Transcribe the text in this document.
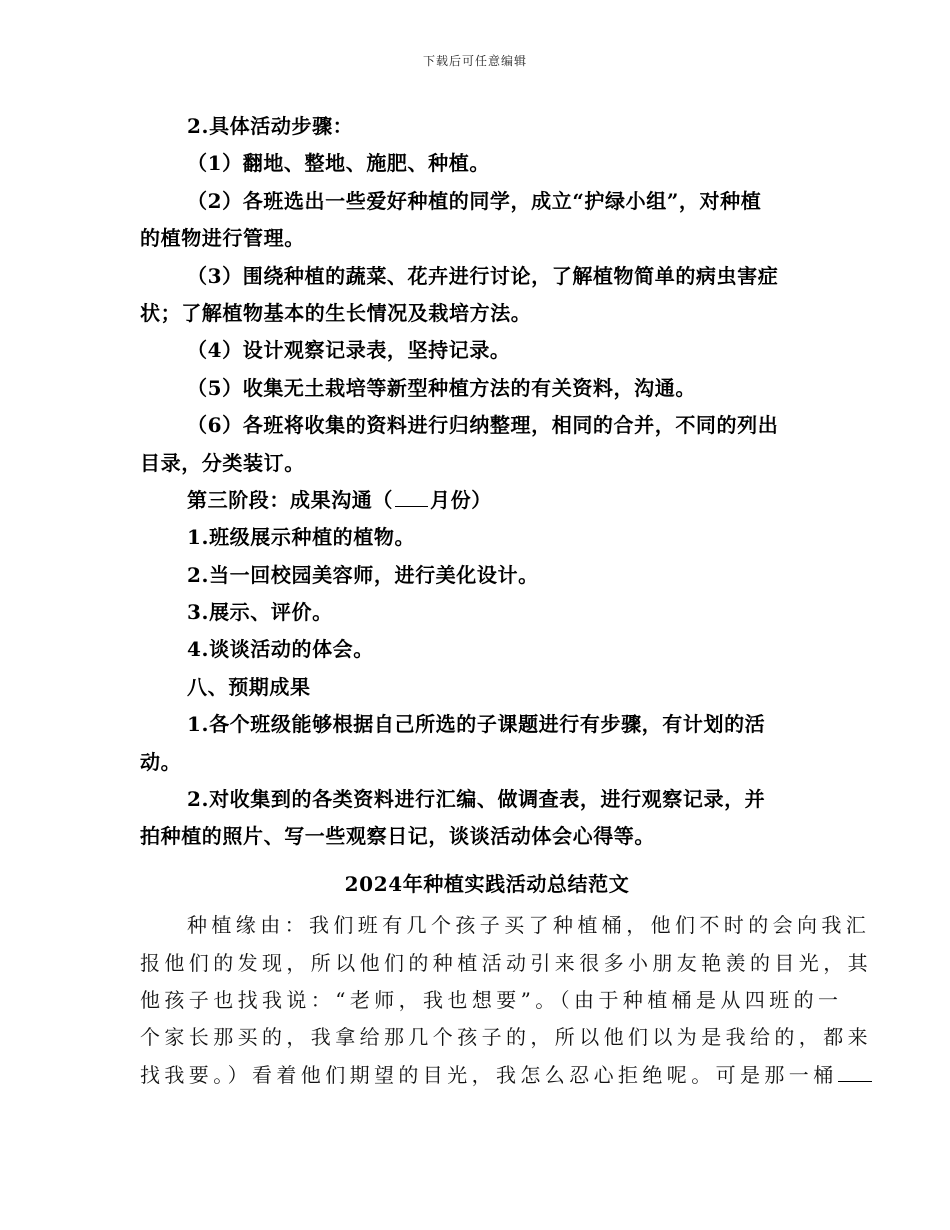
下载后可任意编辑
2.具体活动步骤：
（1）翻地、整地、施肥、种植。
（2）各班选出一些爱好种植的同学，成立“护绿小组”，对种植
的植物进行管理。
（3）围绕种植的蔬菜、花卉进行讨论，了解植物简单的病虫害症
状；了解植物基本的生长情况及栽培方法。
（4）设计观察记录表，坚持记录。
（5）收集无土栽培等新型种植方法的有关资料，沟通。
（6）各班将收集的资料进行归纳整理，相同的合并，不同的列出
目录，分类装订。
第三阶段：成果沟通（ 月份）
1.班级展示种植的植物。
2.当一回校园美容师，进行美化设计。
3.展示、评价。
4.谈谈活动的体会。
八、预期成果
1.各个班级能够根据自己所选的子课题进行有步骤，有计划的活
动。
2.对收集到的各类资料进行汇编、做调查表，进行观察记录，并
拍种植的照片、写一些观察日记，谈谈活动体会心得等。
2024年种植实践活动总结范文
种植缘由：我们班有几个孩子买了种植桶，他们不时的会向我汇
报他们的发现，所以他们的种植活动引来很多小朋友艳羡的目光，其
他孩子也找我说：“老师，我也想要”。（由于种植桶是从四班的一
个家长那买的，我拿给那几个孩子的，所以他们以为是我给的，都来
找我要。）看着他们期望的目光，我怎么忍心拒绝呢。可是那一桶
